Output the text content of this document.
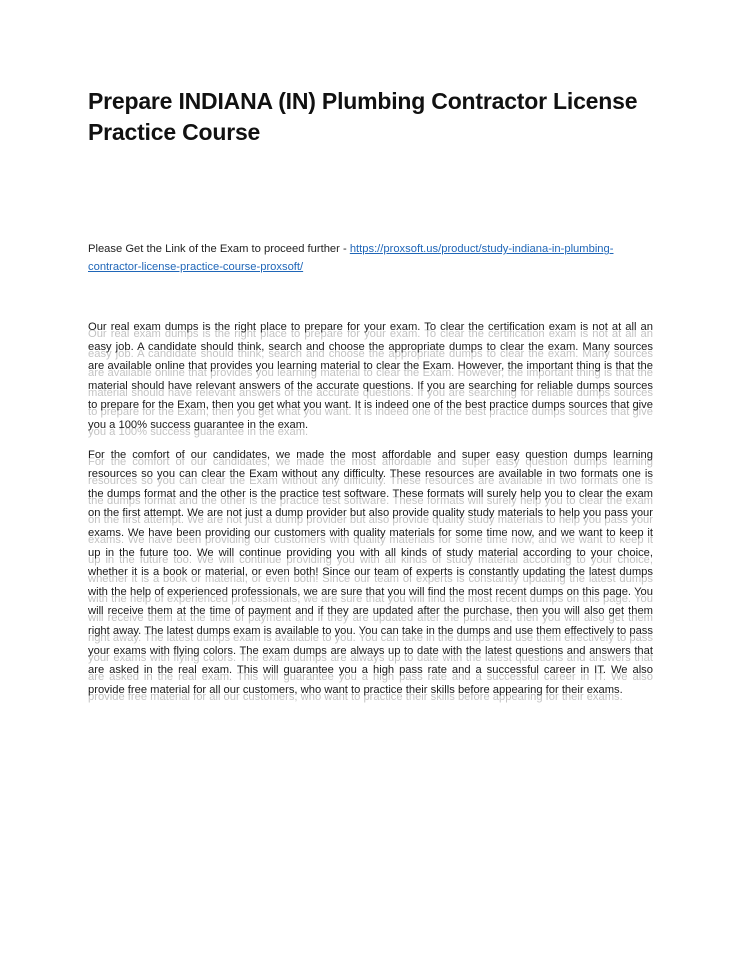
Prepare INDIANA (IN) Plumbing Contractor License Practice Course

Please Get the Link of the Exam to proceed further - https://proxsoft.us/product/study-indiana-in-plumbing-contractor-license-practice-course-proxsoft/

Our real exam dumps is the right place to prepare for your exam. To clear the certification exam is not at all an easy job. A candidate should think, search and choose the appropriate dumps to clear the exam. Many sources are available online that provides you learning material to clear the Exam. However, the important thing is that the material should have relevant answers of the accurate questions. If you are searching for reliable dumps sources to prepare for the Exam, then you get what you want. It is indeed one of the best practice dumps sources that give you a 100% success guarantee in the exam.

For the comfort of our candidates, we made the most affordable and super easy question dumps learning resources so you can clear the Exam without any difficulty. These resources are available in two formats one is the dumps format and the other is the practice test software. These formats will surely help you to clear the exam on the first attempt. We are not just a dump provider but also provide quality study materials to help you pass your exams. We have been providing our customers with quality materials for some time now, and we want to keep it up in the future too. We will continue providing you with all kinds of study material according to your choice, whether it is a book or material, or even both! Since our team of experts is constantly updating the latest dumps with the help of experienced professionals, we are sure that you will find the most recent dumps on this page. You will receive them at the time of payment and if they are updated after the purchase, then you will also get them right away. The latest dumps exam is available to you. You can take in the dumps and use them effectively to pass your exams with flying colors. The exam dumps are always up to date with the latest questions and answers that are asked in the real exam. This will guarantee you a high pass rate and a successful career in IT. We also provide free material for all our customers, who want to practice their skills before appearing for their exams.
